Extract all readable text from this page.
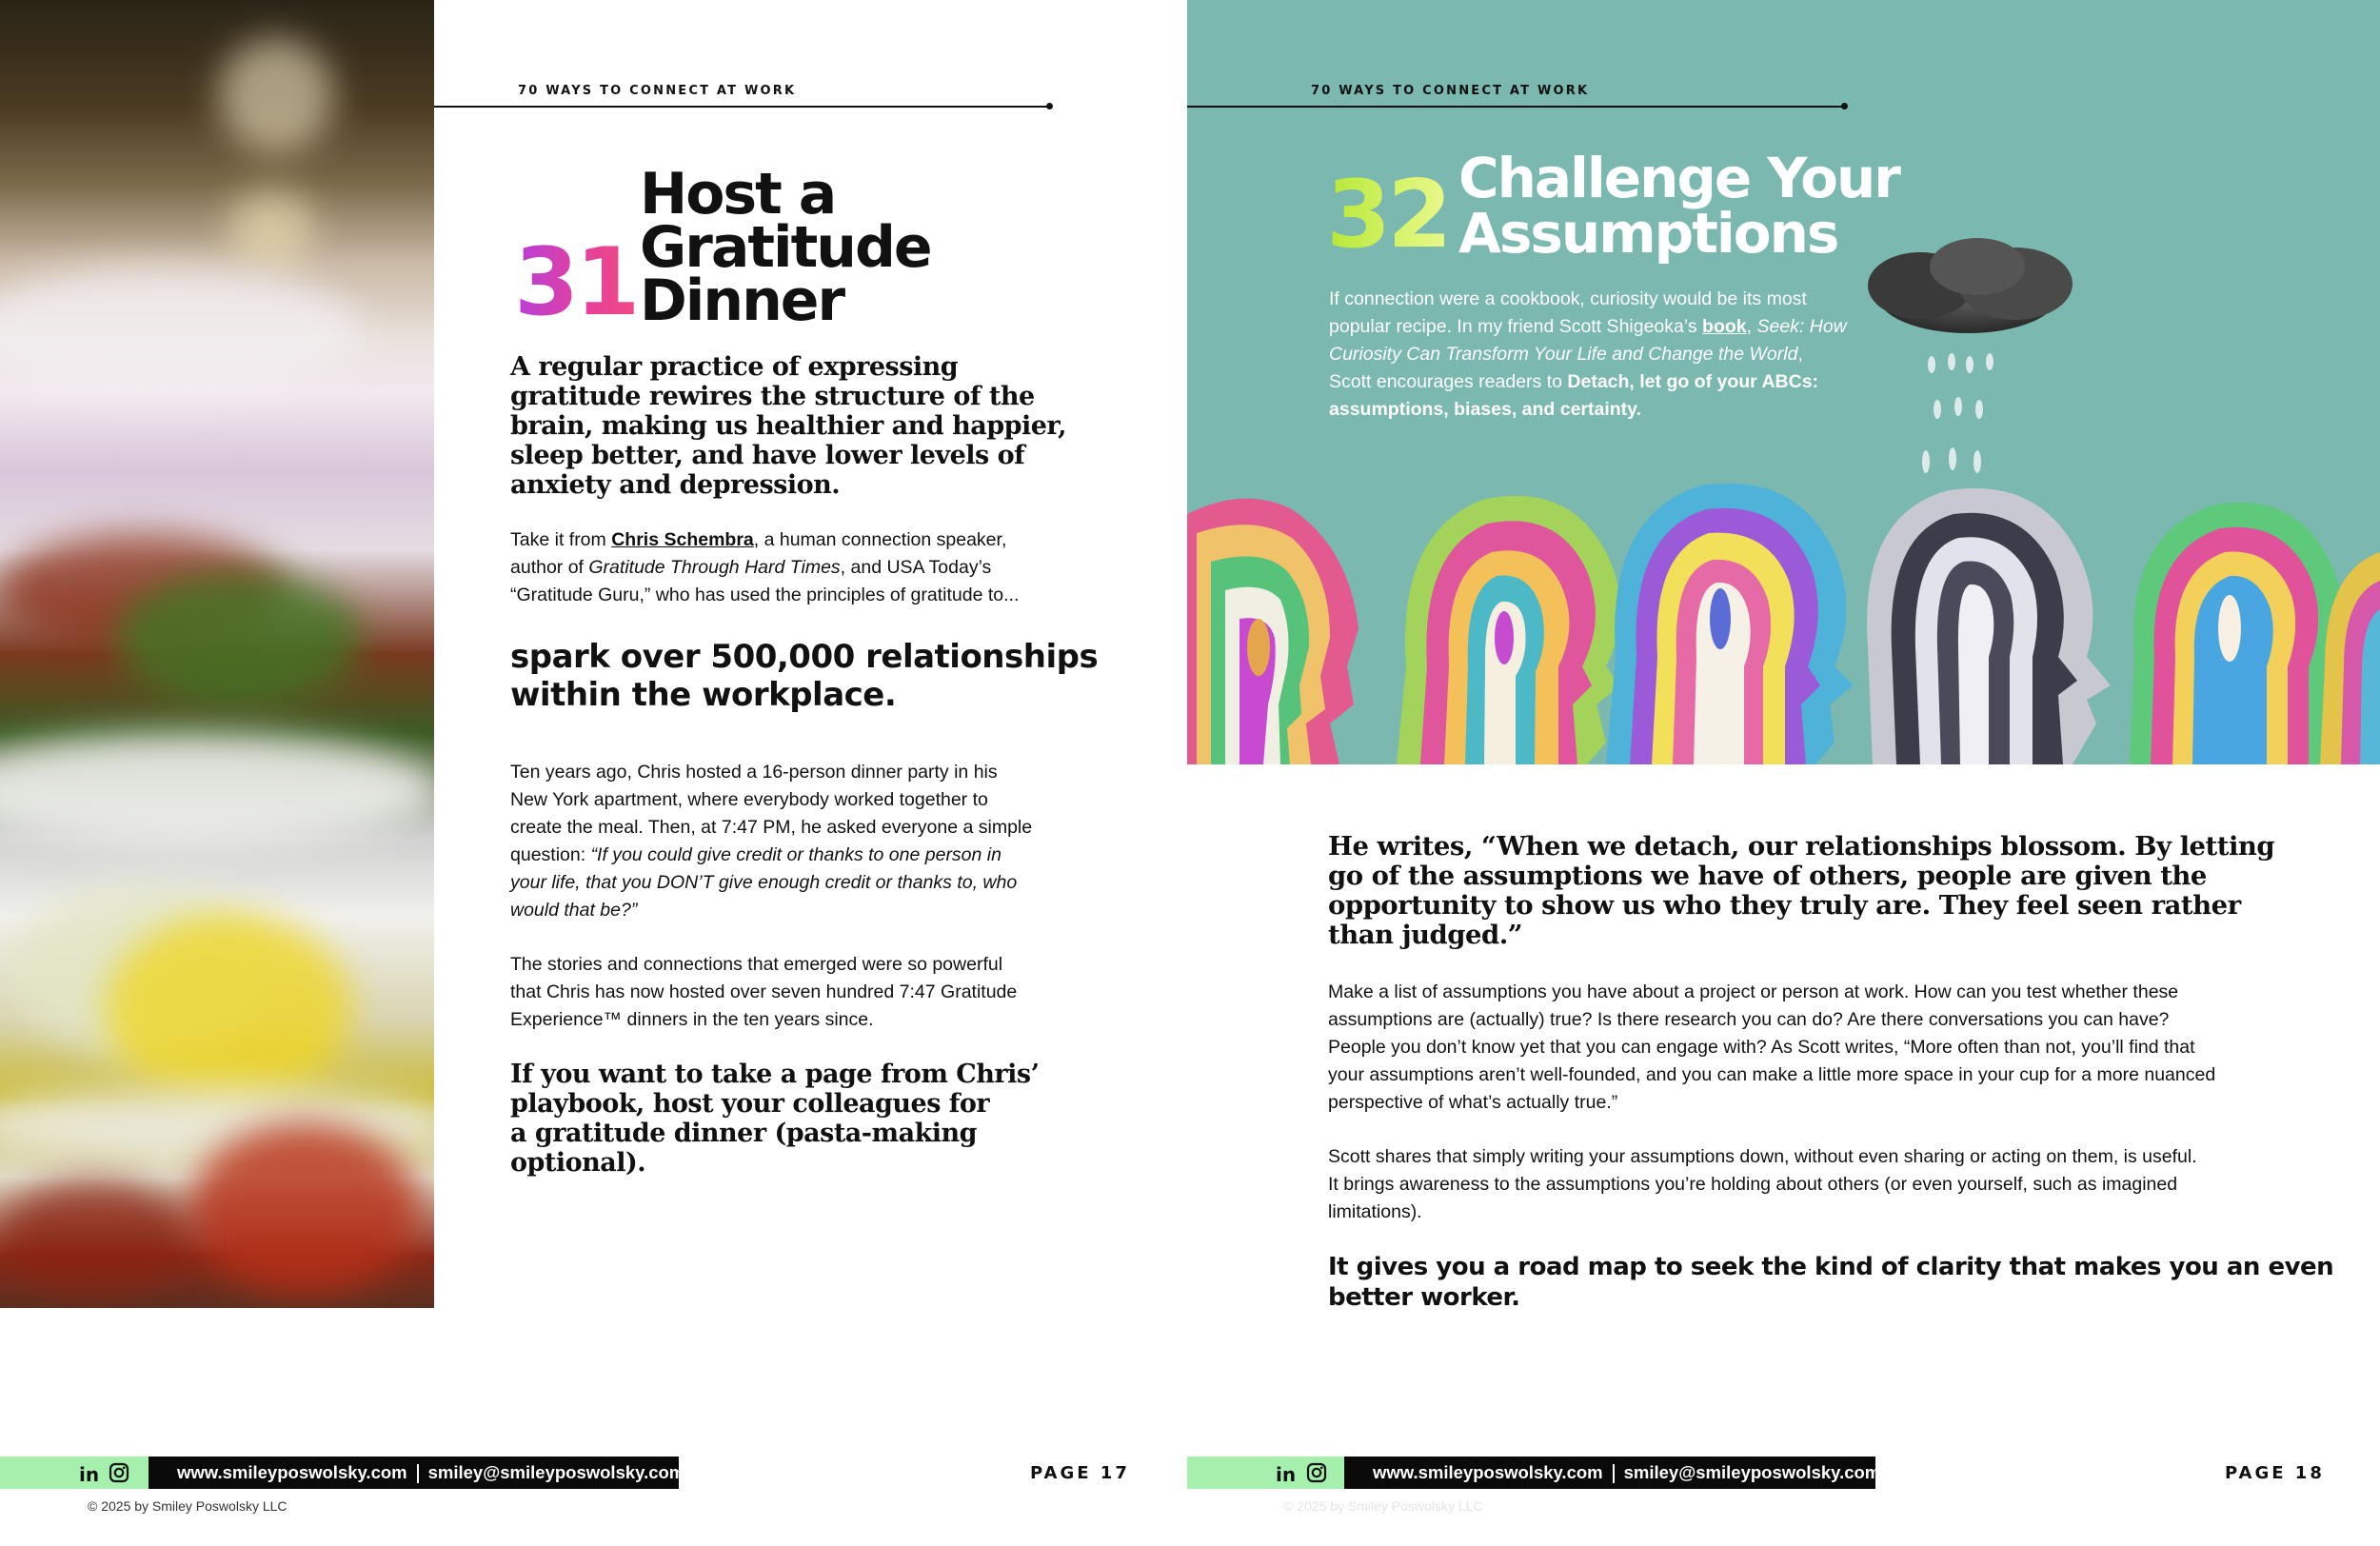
70 WAYS TO CONNECT AT WORK
31
Host a
Gratitude
Dinner
A regular practice of expressing
gratitude rewires the structure of the
brain, making us healthier and happier,
sleep better, and have lower levels of
anxiety and depression.
Take it from Chris Schembra, a human connection speaker,
author of Gratitude Through Hard Times, and USA Today’s
“Gratitude Guru,” who has used the principles of gratitude to...
spark over 500,000 relationships
within the workplace.
Ten years ago, Chris hosted a 16-person dinner party in his
New York apartment, where everybody worked together to
create the meal. Then, at 7:47 PM, he asked everyone a simple
question: “If you could give credit or thanks to one person in
your life, that you DON’T give enough credit or thanks to, who
would that be?”
The stories and connections that emerged were so powerful
that Chris has now hosted over seven hundred 7:47 Gratitude
Experience™ dinners in the ten years since.
If you want to take a page from Chris’
playbook, host your colleagues for
a gratitude dinner (pasta-making
optional).
70 WAYS TO CONNECT AT WORK
32 Challenge Your
Assumptions
If connection were a cookbook, curiosity would be its most
popular recipe. In my friend Scott Shigeoka’s book, Seek: How
Curiosity Can Transform Your Life and Change the World,
Scott encourages readers to Detach, let go of your ABCs:
assumptions, biases, and certainty.
He writes, “When we detach, our relationships blossom. By letting
go of the assumptions we have of others, people are given the
opportunity to show us who they truly are. They feel seen rather
than judged.”
Make a list of assumptions you have about a project or person at work. How can you test whether these
assumptions are (actually) true? Is there research you can do? Are there conversations you can have?
People you don’t know yet that you can engage with? As Scott writes, “More often than not, you’ll find that
your assumptions aren’t well-founded, and you can make a little more space in your cup for a more nuanced
perspective of what’s actually true.”
Scott shares that simply writing your assumptions down, without even sharing or acting on them, is useful.
It brings awareness to the assumptions you’re holding about others (or even yourself, such as imagined
limitations).
It gives you a road map to seek the kind of clarity that makes you an even
better worker.
in	www.smileyposwolsky.com smiley@smileyposwolsky.com	PAGE 17
© 2025 by Smiley Poswolsky LLC
in	www.smileyposwolsky.com smiley@smileyposwolsky.com	PAGE 18
© 2025 by Smiley Poswolsky LLC
